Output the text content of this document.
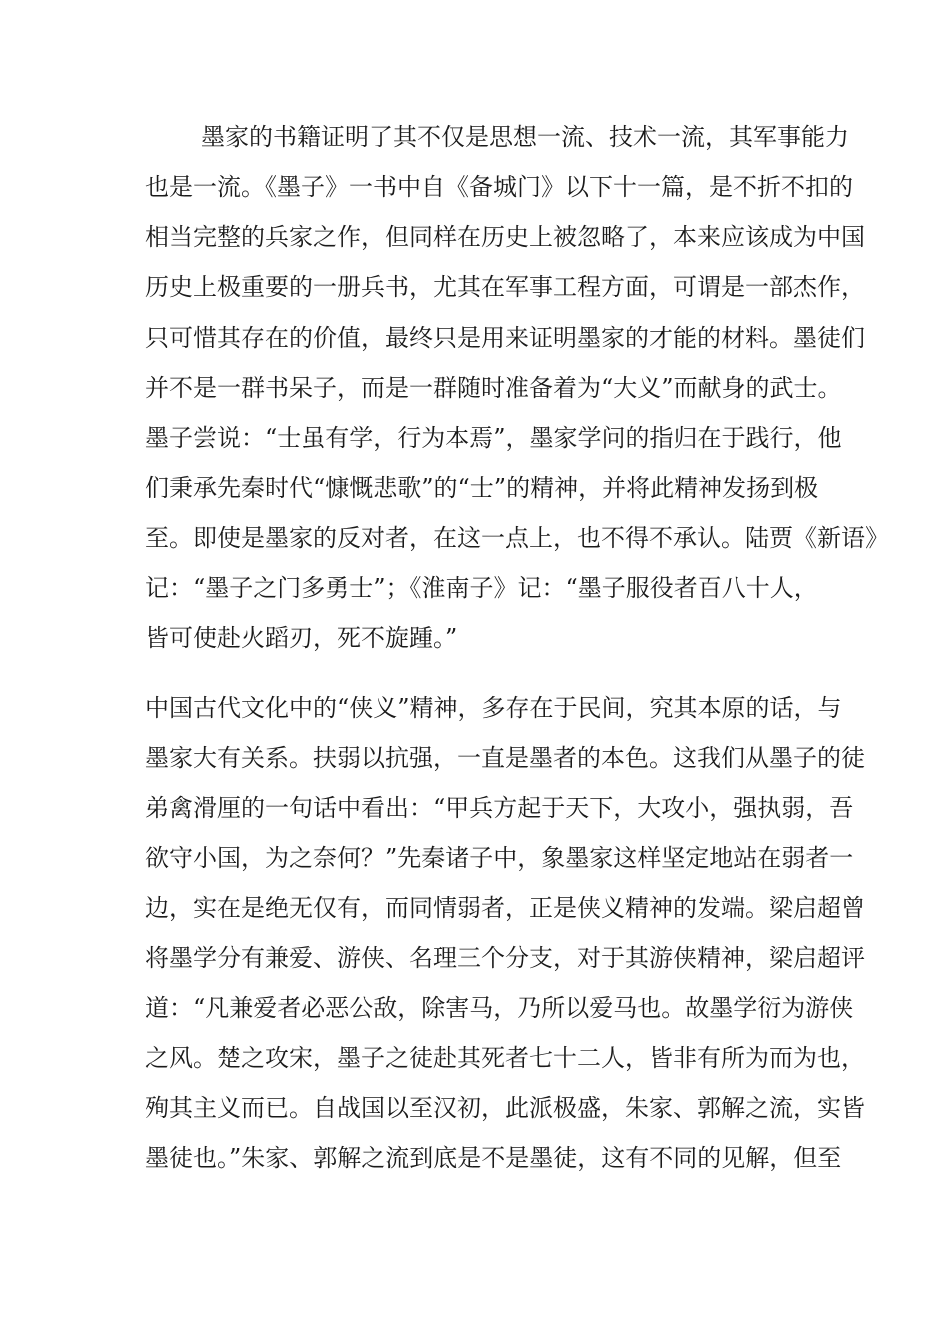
墨家的书籍证明了其不仅是思想一流、技术一流，其军事能力
也是一流。《墨子》一书中自《备城门》以下十一篇，是不折不扣的
相当完整的兵家之作，但同样在历史上被忽略了，本来应该成为中国
历史上极重要的一册兵书，尤其在军事工程方面，可谓是一部杰作，
只可惜其存在的价值，最终只是用来证明墨家的才能的材料。墨徒们
并不是一群书呆子，而是一群随时准备着为“大义”而献身的武士。
墨子尝说：“士虽有学，行为本焉”，墨家学问的指归在于践行，他
们秉承先秦时代“慷慨悲歌”的“士”的精神，并将此精神发扬到极
至。即使是墨家的反对者，在这一点上，也不得不承认。陆贾《新语》
记：“墨子之门多勇士”；《淮南子》记：“墨子服役者百八十人，
皆可使赴火蹈刃，死不旋踵。”
中国古代文化中的“侠义”精神，多存在于民间，究其本原的话，与
墨家大有关系。扶弱以抗强，一直是墨者的本色。这我们从墨子的徒
弟禽滑厘的一句话中看出：“甲兵方起于天下，大攻小，强执弱，吾
欲守小国，为之奈何？”先秦诸子中，象墨家这样坚定地站在弱者一
边，实在是绝无仅有，而同情弱者，正是侠义精神的发端。梁启超曾
将墨学分有兼爱、游侠、名理三个分支，对于其游侠精神，梁启超评
道：“凡兼爱者必恶公敌，除害马，乃所以爱马也。故墨学衍为游侠
之风。楚之攻宋，墨子之徒赴其死者七十二人，皆非有所为而为也，
殉其主义而已。自战国以至汉初，此派极盛，朱家、郭解之流，实皆
墨徒也。”朱家、郭解之流到底是不是墨徒，这有不同的见解，但至
